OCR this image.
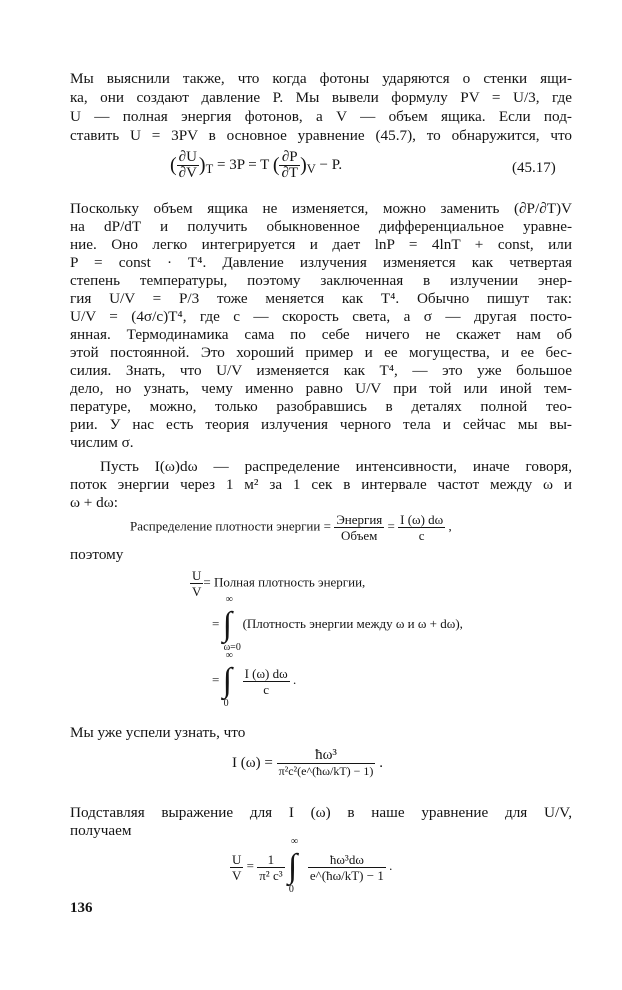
Мы выяснили также, что когда фотоны ударяются о стенки ящи-
ка, они создают давление P. Мы вывели формулу PV = U/3, где
U — полная энергия фотонов, а V — объем ящика. Если под-
ставить U = 3PV в основное уравнение (45.7), то обнаружится, что
( $\frac{\partial U}{\partial V} )_T = 3P = T$ ( $\frac{\partial P}{\partial T} )_V - P$.	(45.17)
Поскольку объем ящика не изменяется, можно заменить (∂P/∂T)V
на dP/dT и получить обыкновенное дифференциальное уравне-
ние. Оно легко интегрируется и дает lnP = 4lnT + const, или
P = const · T⁴. Давление излучения изменяется как четвертая
степень температуры, поэтому заключенная в излучении энер-
гия U/V = P/3 тоже меняется как T⁴. Обычно пишут так:
U/V = (4σ/c)T⁴, где c — скорость света, а σ — другая посто-
янная. Термодинамика сама по себе ничего не скажет нам об
этой постоянной. Это хороший пример и ее могущества, и ее бес-
силия. Знать, что U/V изменяется как T⁴, — это уже большое
дело, но узнать, чему именно равно U/V при той или иной тем-
пературе, можно, только разобравшись в деталях полной тео-
рии. У нас есть теория излучения черного тела и сейчас мы вы-
числим σ.
Пусть I(ω)dω — распределение интенсивности, иначе говоря,
поток энергии через 1 м² за 1 сек в интервале частот между ω и
ω + dω:
Распределение плотности энергии = $\frac{\text{Энергия}}{\text{Объем}} = \frac{I (\omega) d\omega}{c}$ ,
поэтому
$\frac{U}{V}$ = Полная плотность энергии,
= ∫
∞
ω=0
(Плотность энергии между ω и ω + dω),
= ∫
∞
0
$\frac{I (\omega) d\omega}{c}$ .
Мы уже успели узнать, что
I $(\omega) = \frac{\text{ħω³}}{\text{π²c²(e\textasciicircum{}(ħω/kT) − 1)}}$ .
Подставляя выражение для I (ω) в наше уравнение для U/V,
получаем
$\frac{U}{V} = \frac{1}{\text{π² c³}}$
∫
∞
0
$\frac{\text{ħω³dω}}{e\^{}(ħ\omega/kT) - 1}$ .
136
